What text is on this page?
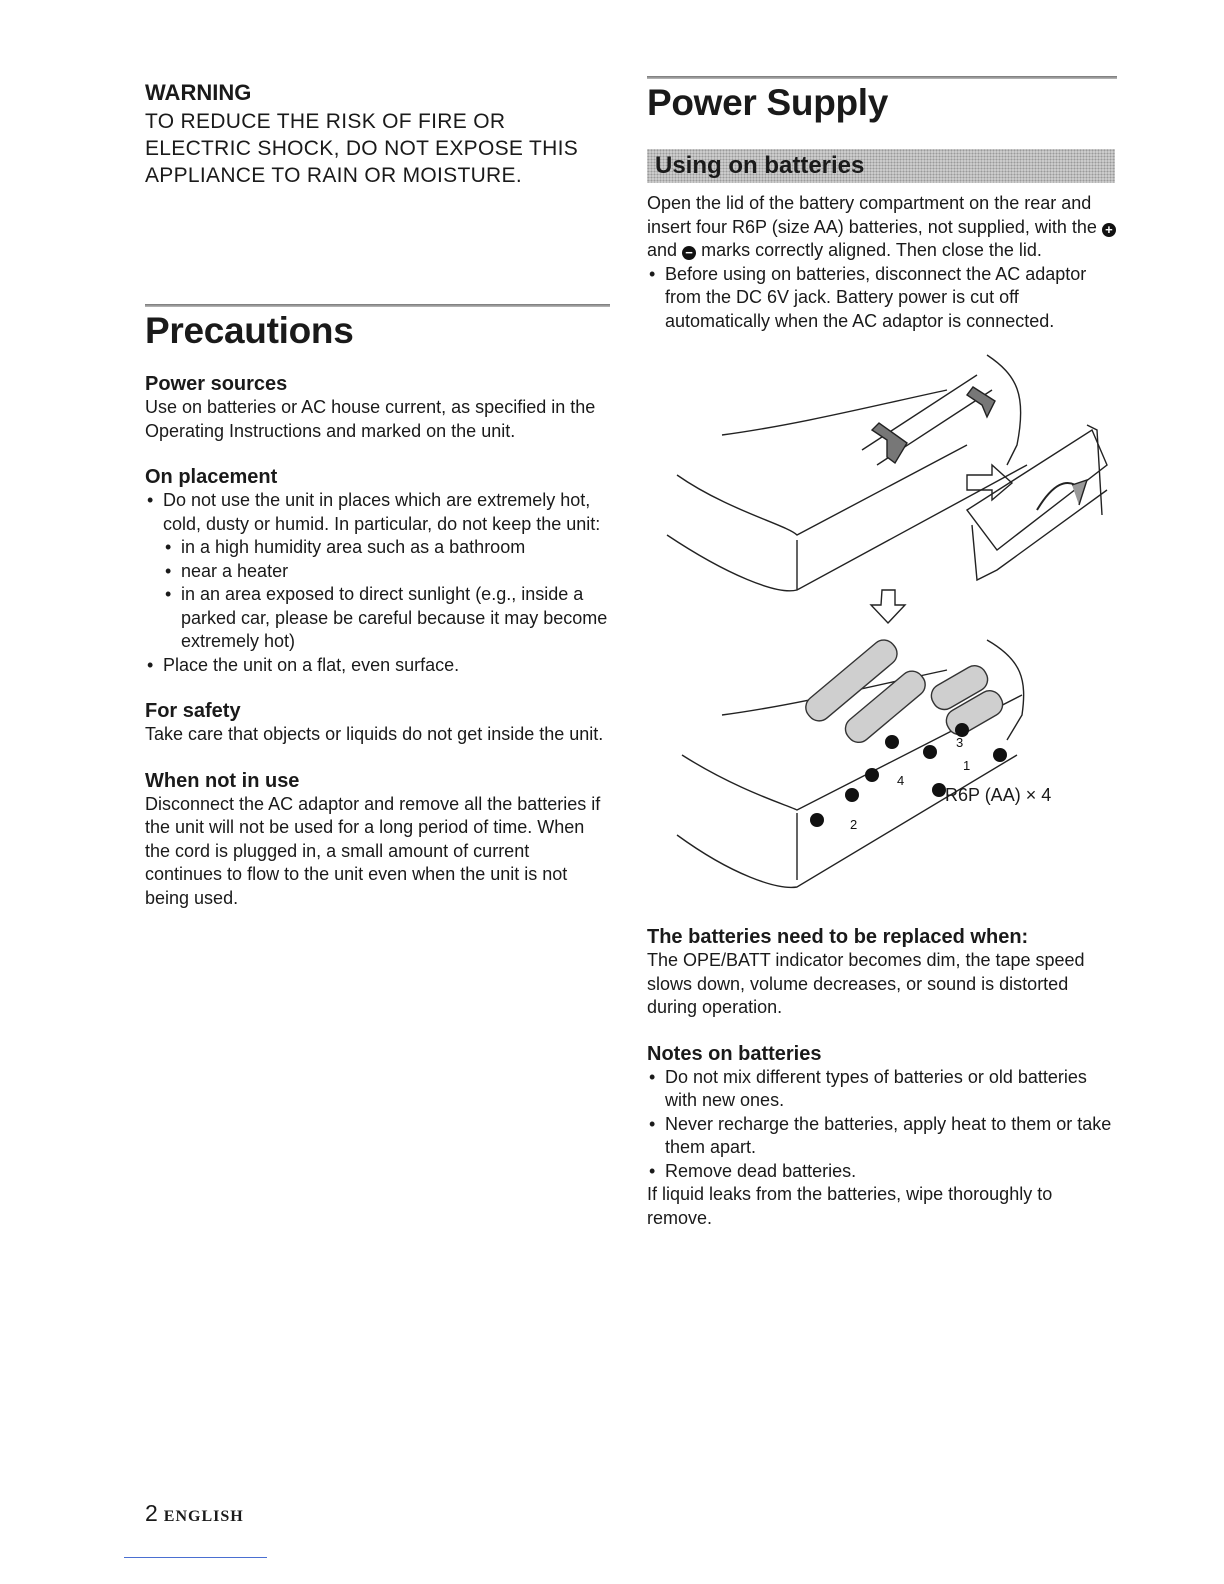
WARNING

TO REDUCE THE RISK OF FIRE OR ELECTRIC SHOCK, DO NOT EXPOSE THIS APPLIANCE TO RAIN OR MOISTURE.

Precautions

Power sources

Use on batteries or AC house current, as specified in the Operating Instructions and marked on the unit.

On placement

• Do not use the unit in places which are extremely hot, cold, dusty or humid. In particular, do not keep the unit:
• in a high humidity area such as a bathroom
• near a heater
• in an area exposed to direct sunlight (e.g., inside a parked car, please be careful because it may become extremely hot)
• Place the unit on a flat, even surface.

For safety

Take care that objects or liquids do not get inside the unit.

When not in use

Disconnect the AC adaptor and remove all the batteries if the unit will not be used for a long period of time. When the cord is plugged in, a small amount of current continues to flow to the unit even when the unit is not being used.

Power Supply
Using on batteries

Open the lid of the battery compartment on the rear and insert four R6P (size AA) batteries, not supplied, with the + and − marks correctly aligned. Then close the lid.

• Before using on batteries, disconnect the AC adaptor from the DC 6V jack. Battery power is cut off automatically when the AC adaptor is connected.
1
2
3
4
R6P (AA) × 4

The batteries need to be replaced when:

The OPE/BATT indicator becomes dim, the tape speed slows down, volume decreases, or sound is distorted during operation.

Notes on batteries

• Do not mix different types of batteries or old batteries with new ones.
• Never recharge the batteries, apply heat to them or take them apart.
• Remove dead batteries.

If liquid leaks from the batteries, wipe thoroughly to remove.

2 ENGLISH
